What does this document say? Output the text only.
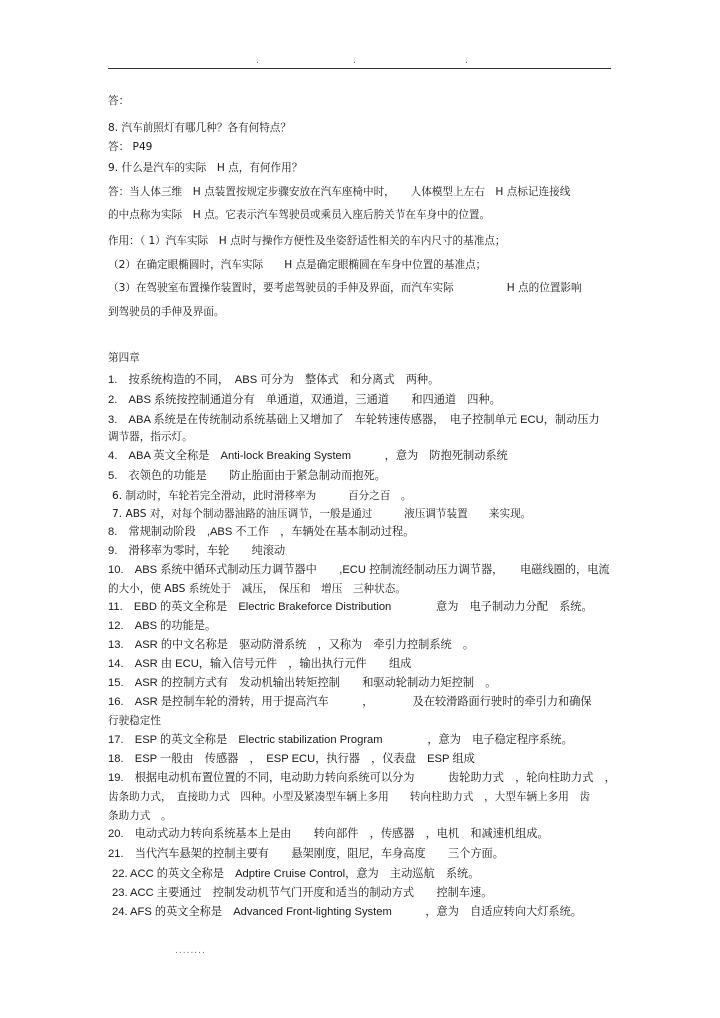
.	.	.
答：
8. 汽车前照灯有哪几种？各有何特点？
答： P49
9. 什么是汽车的实际　H 点，有何作用？
答：当人体三维　H 点装置按规定步骤安放在汽车座椅中时，　　人体模型上左右　H 点标记连接线
的中点称为实际　H 点。它表示汽车驾驶员或乘员入座后胯关节在车身中的位置。
作用：（ 1）汽车实际　H 点时与操作方便性及坐姿舒适性相关的车内尺寸的基准点；
（2）在确定眼椭圆时，汽车实际　　H 点是确定眼椭圆在车身中位置的基准点；
（3）在驾驶室布置操作装置时，要考虑驾驶员的手伸及界面，而汽车实际　　　　　H 点的位置影响
到驾驶员的手伸及界面。
第四章
1.　按系统构造的不同，　ABS 可分为　整体式　和分离式　两种。
2.　ABS 系统按控制通道分有　单通道，双通道，三通道　　和四通道　四种。
3.　ABA 系统是在传统制动系统基础上又增加了　车轮转速传感器，　电子控制单元 ECU，制动压力
调节器，指示灯。
4.　ABA 英文全称是　Anti-lock Breaking System　　　，意为　防抱死制动系统
5.　衣领色的功能是　　防止胎面由于紧急制动而抱死。
6. 制动时，车轮若完全滑动，此时滑移率为　　　百分之百　。
7. ABS 对，对每个制动器油路的油压调节，一般是通过　　　液压调节装置　　来实现。
8.　常规制动阶段　,ABS 不工作　，车辆处在基本制动过程。
9.　滑移率为零时，车轮　　纯滚动
10.　ABS 系统中循环式制动压力调节器中　　,ECU 控制流经制动压力调节器，　　电磁线圈的，电流
的大小，使 ABS 系统处于　减压，　保压和　增压　三种状态。
11.　EBD 的英文全称是　Electric Brakeforce Distribution　　　　意为　电子制动力分配　系统。
12.　ABS 的功能是。
13.　ASR 的中文名称是　驱动防滑系统　，又称为　牵引力控制系统　。
14.　ASR 由 ECU，输入信号元件　，输出执行元件　　组成
15.　ASR 的控制方式有　发动机输出转矩控制　　和驱动轮制动力矩控制　。
16.　ASR 是控制车轮的滑转，用于提高汽车　　　，　　　　及在较滑路面行驶时的牵引力和确保
行驶稳定性
17.　ESP 的英文全称是　Electric stabilization Program　　　　，意为　电子稳定程序系统。
18.　ESP 一般由　传感器　，　ESP ECU，执行器　，仪表盘　ESP 组成
19.　根据电动机布置位置的不同，电动助力转向系统可以分为　　　齿轮助力式　，轮向柱助力式　，
齿条助力式，　直接助力式　四种。小型及紧凑型车辆上多用　　转向柱助力式　，大型车辆上多用　齿
条助力式　。
20.　电动式动力转向系统基本上是由　　转向部件　，传感器　，电机　和减速机组成。
21.　当代汽车悬架的控制主要有　　悬架刚度，阻尼，车身高度　　三个方面。
22. ACC 的英文全称是　Adptire Cruise Control，意为　主动巡航　系统。
23. ACC 主要通过　控制发动机节气门开度和适当的制动方式　　控制车速。
24. AFS 的英文全称是　Advanced Front-lighting System　　　，意为　自适应转向大灯系统。
........
